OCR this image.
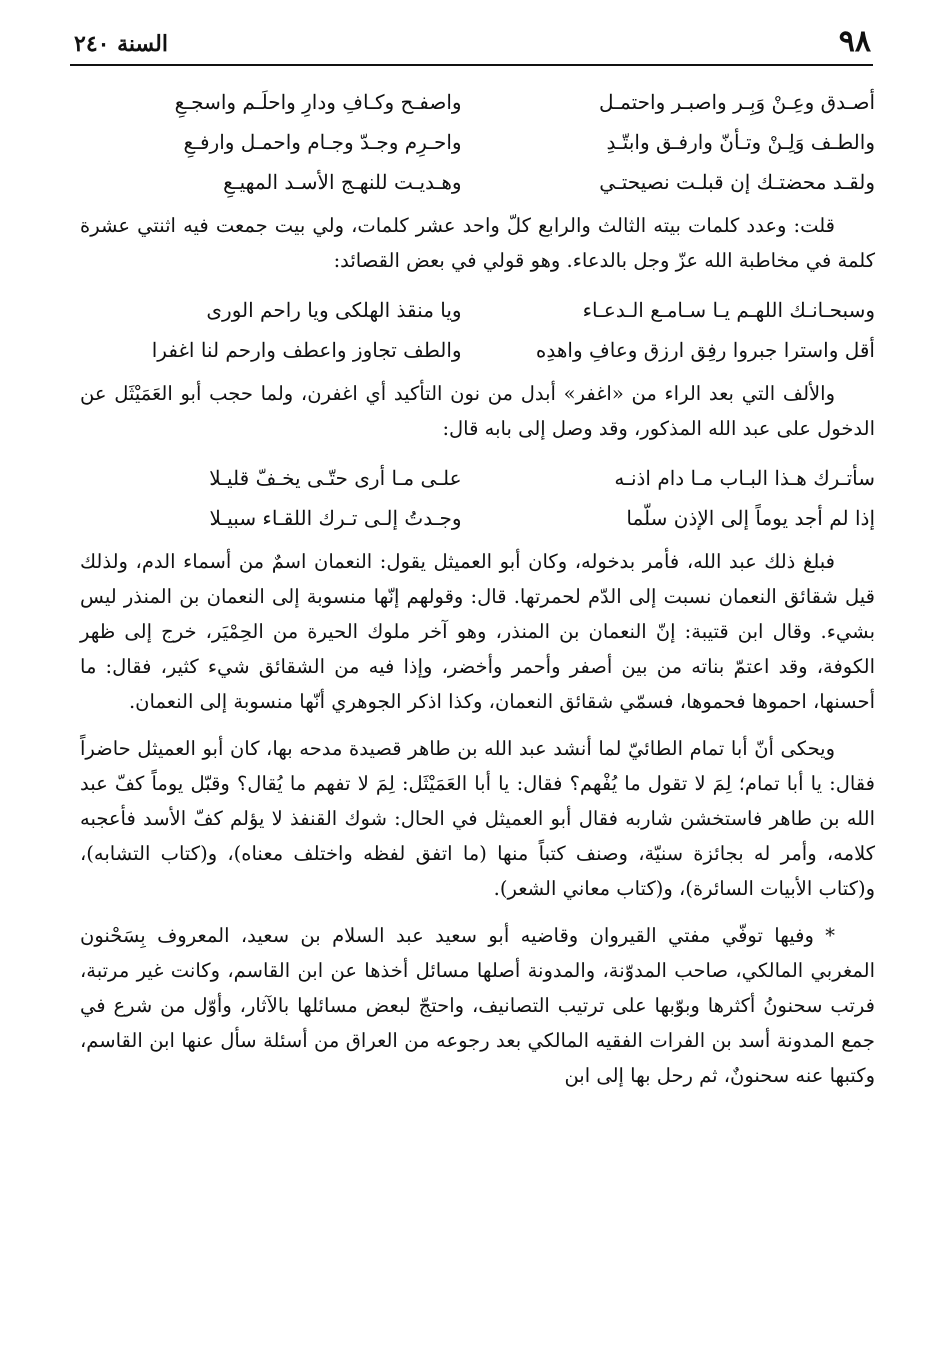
٩٨
السنة ٢٤٠
أصـدق وعِـنْ وَبِـر واصبـر واحتمـل
واصفـح وكـافِ ودارِ واحلَـم واسجـعِ
والطـف وَلِـنْ وتـأنّ وارفـق وابتّـدِ
واحـرِم وجـدّ وجـام واحمـل وارفـعِ
ولقـد محضتـك إن قبلـت نصيحتـي
وهـديـت للنهـج الأسـد المهيـعِ

قلت: وعدد كلمات بيته الثالث والرابع كلّ واحد عشر كلمات، ولي بيت جمعت فيه اثنتي عشرة كلمة في مخاطبة الله عزّ وجل بالدعاء. وهو قولي في بعض القصائد:

وسبحـانـك اللهـم يـا سـامـع الـدعـاء
ويا منقذ الهلكى ويا راحم الورى
أقل واسترا جبروا رفِق ارزق وعافِ واهدِه
والطف تجاوز واعطف وارحم لنا اغفرا

والألف التي بعد الراء من «اغفر» أبدل من نون التأكيد أي اغفرن، ولما حجب أبو العَمَيْثَل عن الدخول على عبد الله المذكور، وقد وصل إلى بابه قال:

سأتـرك هـذا البـاب مـا دام اذنـه
علـى مـا أرى حتّـى يخـفّ قليـلا
إذا لم أجد يوماً إلى الإذن سلّما
وجـدتُ إلـى تـرك اللقـاء سبيـلا

فبلغ ذلك عبد الله، فأمر بدخوله، وكان أبو العميثل يقول: النعمان اسمٌ من أسماء الدم، ولذلك قيل شقائق النعمان نسبت إلى الدّم لحمرتها. قال: وقولهم إنّها منسوبة إلى النعمان بن المنذر ليس بشيء. وقال ابن قتيبة: إنّ النعمان بن المنذر، وهو آخر ملوك الحيرة من الحِمْيَر، خرج إلى ظهر الكوفة، وقد اعتمّ بناته من بين أصفر وأحمر وأخضر، وإذا فيه من الشقائق شيء كثير، فقال: ما أحسنها، احموها فحموها، فسمّي شقائق النعمان، وكذا اذكر الجوهري أنّها منسوبة إلى النعمان.

ويحكى أنّ أبا تمام الطائيّ لما أنشد عبد الله بن طاهر قصيدة مدحه بها، كان أبو العميثل حاضراً فقال: يا أبا تمام؛ لِمَ لا تقول ما يُفْهم؟ فقال: يا أبا العَمَيْثَل: لِمَ لا تفهم ما يُقال؟ وقبّل يوماً كفّ عبد الله بن طاهر فاستخشن شاربه فقال أبو العميثل في الحال: شوك القنفذ لا يؤلم كفّ الأسد فأعجبه كلامه، وأمر له بجائزة سنيّة، وصنف كتباً منها (ما اتفق لفظه واختلف معناه)، و(كتاب التشابه)، و(كتاب الأبيات السائرة)، و(كتاب معاني الشعر).

* وفيها توفّي مفتي القيروان وقاضيه أبو سعيد عبد السلام بن سعيد، المعروف بِسَحْنون المغربي المالكي، صاحب المدوّنة، والمدونة أصلها مسائل أخذها عن ابن القاسم، وكانت غير مرتبة، فرتب سحنونُ أكثرها وبوّبها على ترتيب التصانيف، واحتجّ لبعض مسائلها بالآثار، وأوّل من شرع في جمع المدونة أسد بن الفرات الفقيه المالكي بعد رجوعه من العراق من أسئلة سأل عنها ابن القاسم، وكتبها عنه سحنونٌ، ثم رحل بها إلى ابن
